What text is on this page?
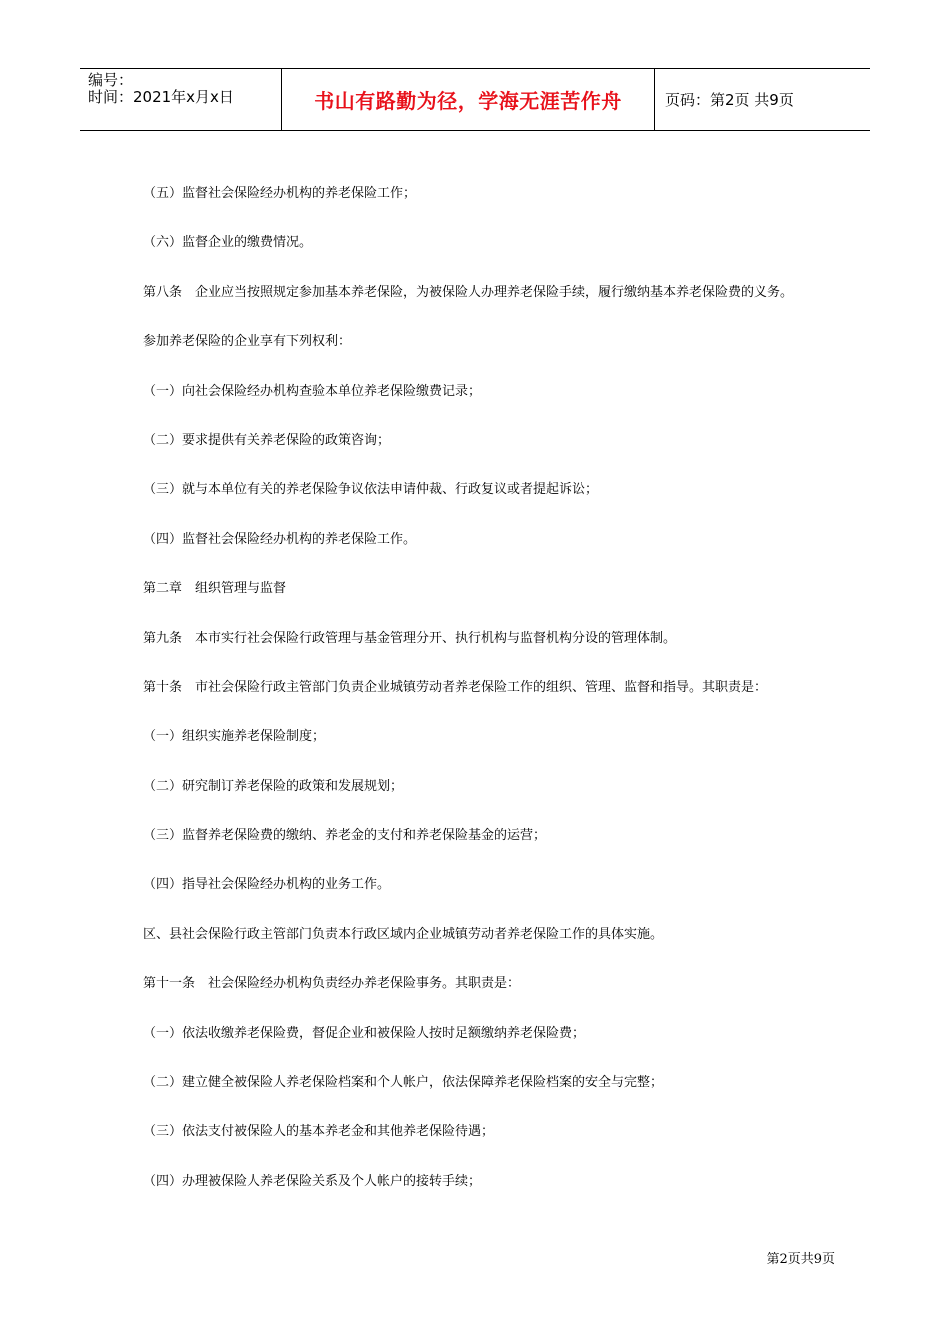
编号：
时间：2021年x月x日	书山有路勤为径，学海无涯苦作舟	页码：第2页 共9页
（五）监督社会保险经办机构的养老保险工作；
（六）监督企业的缴费情况。
第八条　企业应当按照规定参加基本养老保险，为被保险人办理养老保险手续，履行缴纳基本养老保险费的义务。
参加养老保险的企业享有下列权利：
（一）向社会保险经办机构查验本单位养老保险缴费记录；
（二）要求提供有关养老保险的政策咨询；
（三）就与本单位有关的养老保险争议依法申请仲裁、行政复议或者提起诉讼；
（四）监督社会保险经办机构的养老保险工作。
第二章　组织管理与监督
第九条　本市实行社会保险行政管理与基金管理分开、执行机构与监督机构分设的管理体制。
第十条　市社会保险行政主管部门负责企业城镇劳动者养老保险工作的组织、管理、监督和指导。其职责是：
（一）组织实施养老保险制度；
（二）研究制订养老保险的政策和发展规划；
（三）监督养老保险费的缴纳、养老金的支付和养老保险基金的运营；
（四）指导社会保险经办机构的业务工作。
区、县社会保险行政主管部门负责本行政区域内企业城镇劳动者养老保险工作的具体实施。
第十一条　社会保险经办机构负责经办养老保险事务。其职责是：
（一）依法收缴养老保险费，督促企业和被保险人按时足额缴纳养老保险费；
（二）建立健全被保险人养老保险档案和个人帐户，依法保障养老保险档案的安全与完整；
（三）依法支付被保险人的基本养老金和其他养老保险待遇；
（四）办理被保险人养老保险关系及个人帐户的接转手续；
第2页共9页
